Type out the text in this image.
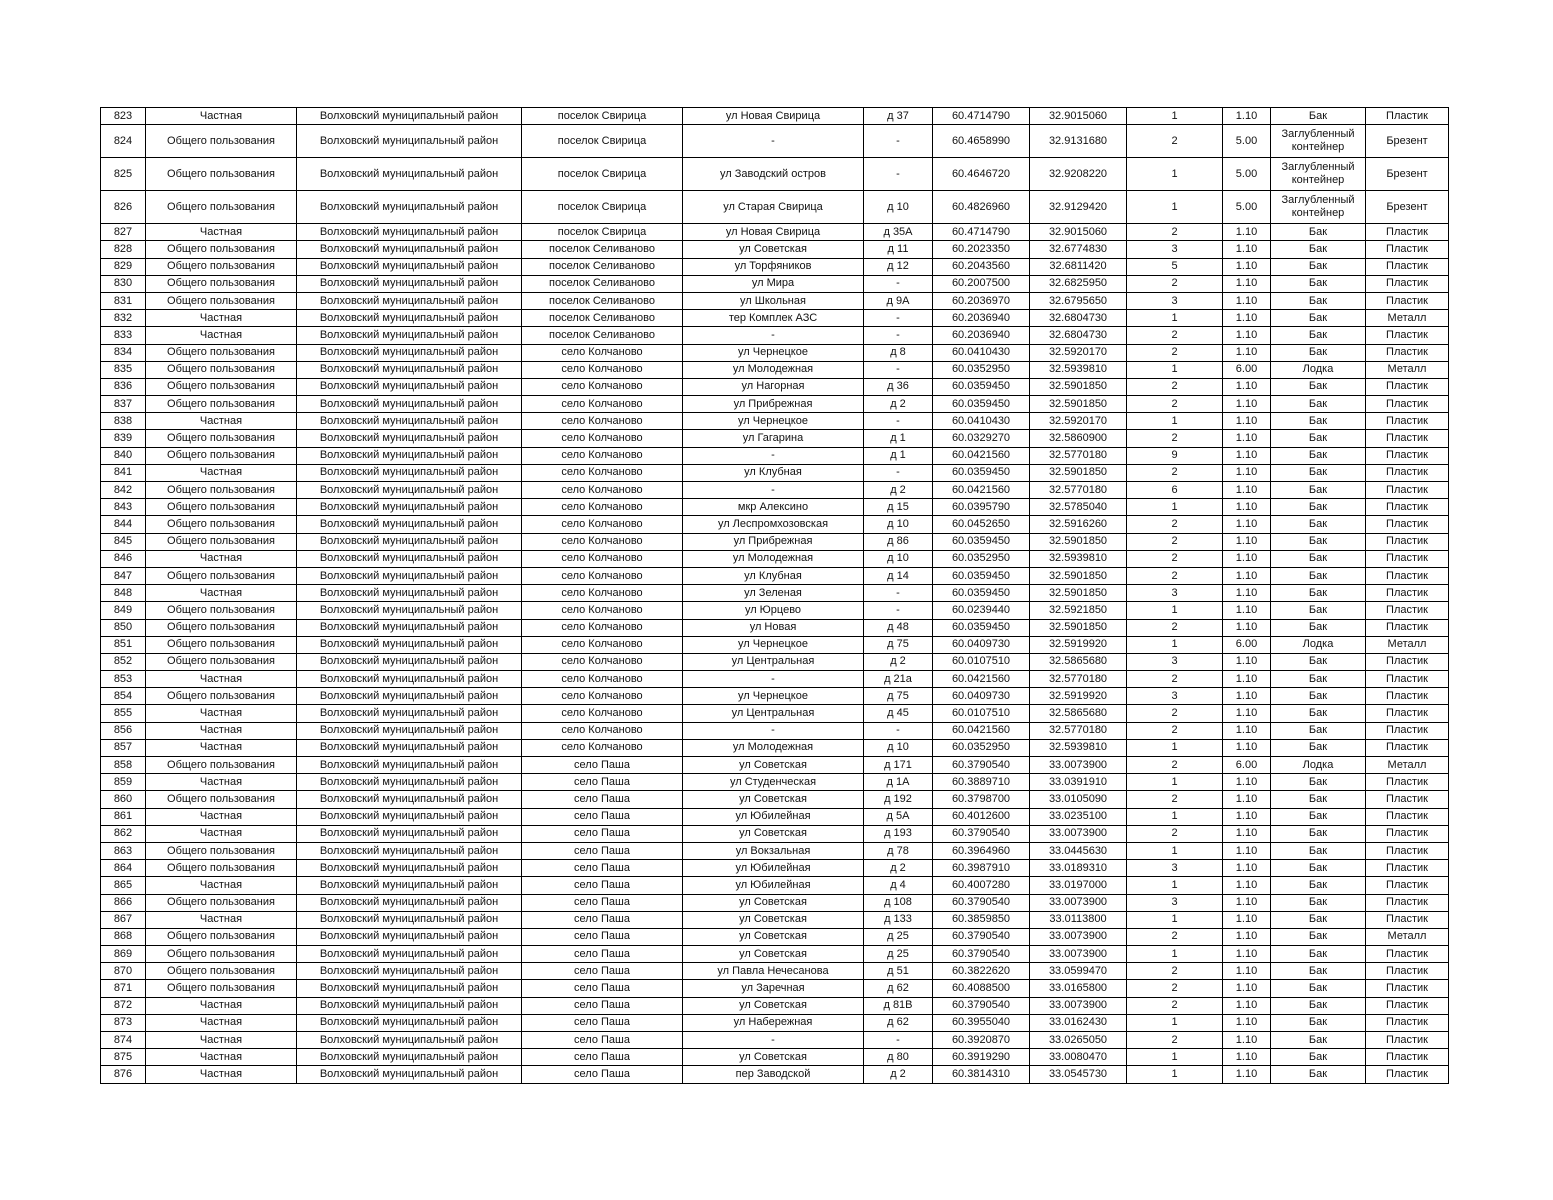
823	Частная	Волховский муниципальный район	поселок Свирица	ул Новая Свирица	д 37	60.4714790	32.9015060	1	1.10	Бак	Пластик
824	Общего пользования	Волховский муниципальный район	поселок Свирица	-	-	60.4658990	32.9131680	2	5.00	Заглубленный контейнер	Брезент
825	Общего пользования	Волховский муниципальный район	поселок Свирица	ул Заводский остров	-	60.4646720	32.9208220	1	5.00	Заглубленный контейнер	Брезент
826	Общего пользования	Волховский муниципальный район	поселок Свирица	ул Старая Свирица	д 10	60.4826960	32.9129420	1	5.00	Заглубленный контейнер	Брезент
827	Частная	Волховский муниципальный район	поселок Свирица	ул Новая Свирица	д 35А	60.4714790	32.9015060	2	1.10	Бак	Пластик
828	Общего пользования	Волховский муниципальный район	поселок Селиваново	ул Советская	д 11	60.2023350	32.6774830	3	1.10	Бак	Пластик
829	Общего пользования	Волховский муниципальный район	поселок Селиваново	ул Торфяников	д 12	60.2043560	32.6811420	5	1.10	Бак	Пластик
830	Общего пользования	Волховский муниципальный район	поселок Селиваново	ул Мира	-	60.2007500	32.6825950	2	1.10	Бак	Пластик
831	Общего пользования	Волховский муниципальный район	поселок Селиваново	ул Школьная	д 9А	60.2036970	32.6795650	3	1.10	Бак	Пластик
832	Частная	Волховский муниципальный район	поселок Селиваново	тер Комплек АЗС	-	60.2036940	32.6804730	1	1.10	Бак	Металл
833	Частная	Волховский муниципальный район	поселок Селиваново	-	-	60.2036940	32.6804730	2	1.10	Бак	Пластик
834	Общего пользования	Волховский муниципальный район	село Колчаново	ул Чернецкое	д 8	60.0410430	32.5920170	2	1.10	Бак	Пластик
835	Общего пользования	Волховский муниципальный район	село Колчаново	ул Молодежная	-	60.0352950	32.5939810	1	6.00	Лодка	Металл
836	Общего пользования	Волховский муниципальный район	село Колчаново	ул Нагорная	д 36	60.0359450	32.5901850	2	1.10	Бак	Пластик
837	Общего пользования	Волховский муниципальный район	село Колчаново	ул Прибрежная	д 2	60.0359450	32.5901850	2	1.10	Бак	Пластик
838	Частная	Волховский муниципальный район	село Колчаново	ул Чернецкое	-	60.0410430	32.5920170	1	1.10	Бак	Пластик
839	Общего пользования	Волховский муниципальный район	село Колчаново	ул Гагарина	д 1	60.0329270	32.5860900	2	1.10	Бак	Пластик
840	Общего пользования	Волховский муниципальный район	село Колчаново	-	д 1	60.0421560	32.5770180	9	1.10	Бак	Пластик
841	Частная	Волховский муниципальный район	село Колчаново	ул Клубная	-	60.0359450	32.5901850	2	1.10	Бак	Пластик
842	Общего пользования	Волховский муниципальный район	село Колчаново	-	д 2	60.0421560	32.5770180	6	1.10	Бак	Пластик
843	Общего пользования	Волховский муниципальный район	село Колчаново	мкр Алексино	д 15	60.0395790	32.5785040	1	1.10	Бак	Пластик
844	Общего пользования	Волховский муниципальный район	село Колчаново	ул Леспромхозовская	д 10	60.0452650	32.5916260	2	1.10	Бак	Пластик
845	Общего пользования	Волховский муниципальный район	село Колчаново	ул Прибрежная	д 86	60.0359450	32.5901850	2	1.10	Бак	Пластик
846	Частная	Волховский муниципальный район	село Колчаново	ул Молодежная	д 10	60.0352950	32.5939810	2	1.10	Бак	Пластик
847	Общего пользования	Волховский муниципальный район	село Колчаново	ул Клубная	д 14	60.0359450	32.5901850	2	1.10	Бак	Пластик
848	Частная	Волховский муниципальный район	село Колчаново	ул Зеленая	-	60.0359450	32.5901850	3	1.10	Бак	Пластик
849	Общего пользования	Волховский муниципальный район	село Колчаново	ул Юрцево	-	60.0239440	32.5921850	1	1.10	Бак	Пластик
850	Общего пользования	Волховский муниципальный район	село Колчаново	ул Новая	д 48	60.0359450	32.5901850	2	1.10	Бак	Пластик
851	Общего пользования	Волховский муниципальный район	село Колчаново	ул Чернецкое	д 75	60.0409730	32.5919920	1	6.00	Лодка	Металл
852	Общего пользования	Волховский муниципальный район	село Колчаново	ул Центральная	д 2	60.0107510	32.5865680	3	1.10	Бак	Пластик
853	Частная	Волховский муниципальный район	село Колчаново	-	д 21а	60.0421560	32.5770180	2	1.10	Бак	Пластик
854	Общего пользования	Волховский муниципальный район	село Колчаново	ул Чернецкое	д 75	60.0409730	32.5919920	3	1.10	Бак	Пластик
855	Частная	Волховский муниципальный район	село Колчаново	ул Центральная	д 45	60.0107510	32.5865680	2	1.10	Бак	Пластик
856	Частная	Волховский муниципальный район	село Колчаново	-	-	60.0421560	32.5770180	2	1.10	Бак	Пластик
857	Частная	Волховский муниципальный район	село Колчаново	ул Молодежная	д 10	60.0352950	32.5939810	1	1.10	Бак	Пластик
858	Общего пользования	Волховский муниципальный район	село Паша	ул Советская	д 171	60.3790540	33.0073900	2	6.00	Лодка	Металл
859	Частная	Волховский муниципальный район	село Паша	ул Студенческая	д 1А	60.3889710	33.0391910	1	1.10	Бак	Пластик
860	Общего пользования	Волховский муниципальный район	село Паша	ул Советская	д 192	60.3798700	33.0105090	2	1.10	Бак	Пластик
861	Частная	Волховский муниципальный район	село Паша	ул Юбилейная	д 5А	60.4012600	33.0235100	1	1.10	Бак	Пластик
862	Частная	Волховский муниципальный район	село Паша	ул Советская	д 193	60.3790540	33.0073900	2	1.10	Бак	Пластик
863	Общего пользования	Волховский муниципальный район	село Паша	ул Вокзальная	д 78	60.3964960	33.0445630	1	1.10	Бак	Пластик
864	Общего пользования	Волховский муниципальный район	село Паша	ул Юбилейная	д 2	60.3987910	33.0189310	3	1.10	Бак	Пластик
865	Частная	Волховский муниципальный район	село Паша	ул Юбилейная	д 4	60.4007280	33.0197000	1	1.10	Бак	Пластик
866	Общего пользования	Волховский муниципальный район	село Паша	ул Советская	д 108	60.3790540	33.0073900	3	1.10	Бак	Пластик
867	Частная	Волховский муниципальный район	село Паша	ул Советская	д 133	60.3859850	33.0113800	1	1.10	Бак	Пластик
868	Общего пользования	Волховский муниципальный район	село Паша	ул Советская	д 25	60.3790540	33.0073900	2	1.10	Бак	Металл
869	Общего пользования	Волховский муниципальный район	село Паша	ул Советская	д 25	60.3790540	33.0073900	1	1.10	Бак	Пластик
870	Общего пользования	Волховский муниципальный район	село Паша	ул Павла Нечесанова	д 51	60.3822620	33.0599470	2	1.10	Бак	Пластик
871	Общего пользования	Волховский муниципальный район	село Паша	ул Заречная	д 62	60.4088500	33.0165800	2	1.10	Бак	Пластик
872	Частная	Волховский муниципальный район	село Паша	ул Советская	д 81В	60.3790540	33.0073900	2	1.10	Бак	Пластик
873	Частная	Волховский муниципальный район	село Паша	ул Набережная	д 62	60.3955040	33.0162430	1	1.10	Бак	Пластик
874	Частная	Волховский муниципальный район	село Паша	-	-	60.3920870	33.0265050	2	1.10	Бак	Пластик
875	Частная	Волховский муниципальный район	село Паша	ул Советская	д 80	60.3919290	33.0080470	1	1.10	Бак	Пластик
876	Частная	Волховский муниципальный район	село Паша	пер Заводской	д 2	60.3814310	33.0545730	1	1.10	Бак	Пластик
